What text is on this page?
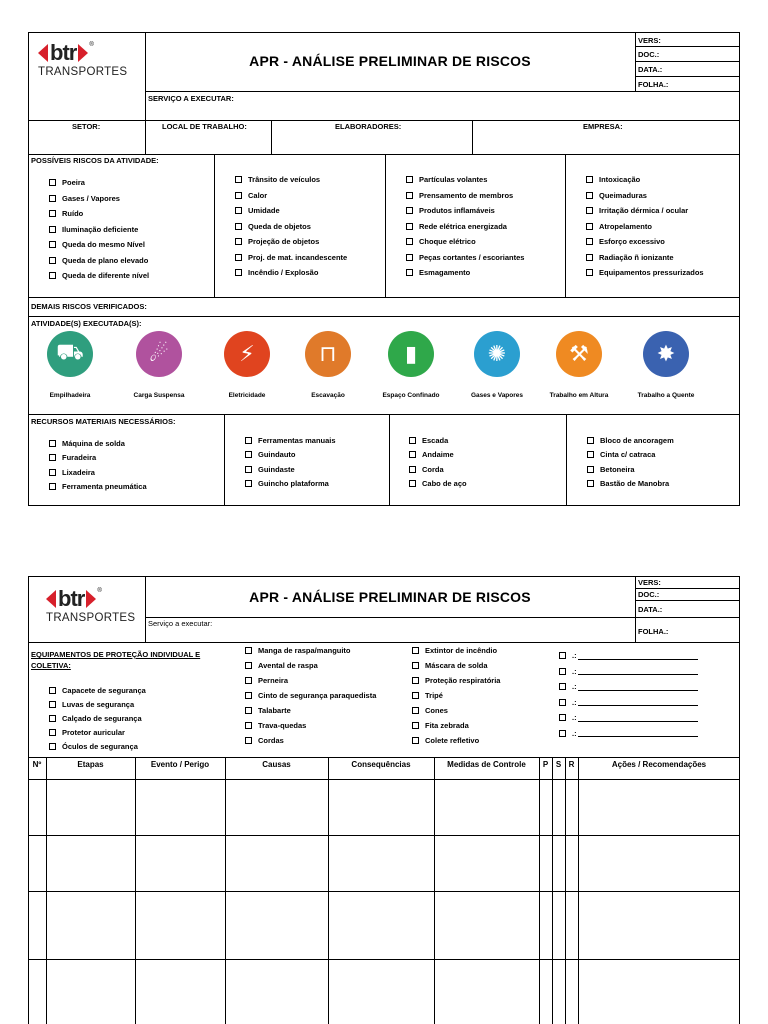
btr ®
TRANSPORTES
APR - ANÁLISE PRELIMINAR DE RISCOS
VERS:
DOC.:
DATA.:
FOLHA.:
SERVIÇO A EXECUTAR:
SETOR:	LOCAL DE TRABALHO:	ELABORADORES:	EMPRESA:
POSSÍVEIS RISCOS DA ATIVIDADE:
Poeira
Gases / Vapores
Ruído
Iluminação deficiente
Queda do mesmo Nível
Queda de plano elevado
Queda de diferente nível
Trânsito de veículos
Calor
Umidade
Queda de objetos
Projeção de objetos
Proj. de mat. incandescente
Incêndio / Explosão
Partículas volantes
Prensamento de membros
Produtos inflamáveis
Rede elétrica energizada
Choque elétrico
Peças cortantes / escoriantes
Esmagamento
Intoxicação
Queimaduras
Irritação dérmica / ocular
Atropelamento
Esforço excessivo
Radiação ñ ionizante
Equipamentos pressurizados
DEMAIS RISCOS VERIFICADOS:
ATIVIDADE(S) EXECUTADA(S):
⛟
Empilhadeira
☄
Carga Suspensa
⚡
Eletricidade
⊓
Escavação
▮
Espaço Confinado
✺
Gases e Vapores
⚒
Trabalho em Altura
✸
Trabalho a Quente
RECURSOS MATERIAIS NECESSÁRIOS:
Máquina de solda
Furadeira
Lixadeira
Ferramenta pneumática
Ferramentas manuais
Guindauto
Guindaste
Guincho plataforma
Escada
Andaime
Corda
Cabo de aço
Bloco de ancoragem
Cinta c/ catraca
Betoneira
Bastão de Manobra
btr ®
TRANSPORTES
APR - ANÁLISE PRELIMINAR DE RISCOS
VERS:
DOC.:
DATA.:
FOLHA.:
Serviço a executar:
EQUIPAMENTOS DE PROTEÇÃO INDIVIDUAL E COLETIVA:
Capacete de segurança
Luvas de segurança
Calçado de segurança
Protetor auricular
Óculos de segurança
Manga de raspa/manguito
Avental de raspa
Perneira
Cinto de segurança paraquedista
Talabarte
Trava-quedas
Cordas
Extintor de incêndio
Máscara de solda
Proteção respiratória
Tripé
Cones
Fita zebrada
Colete refletivo
.:
.:
.:
.:
.:
.:
Nº	Etapas	Evento / Perigo	Causas	Consequências	Medidas de Controle	P S R	Ações / Recomendações
